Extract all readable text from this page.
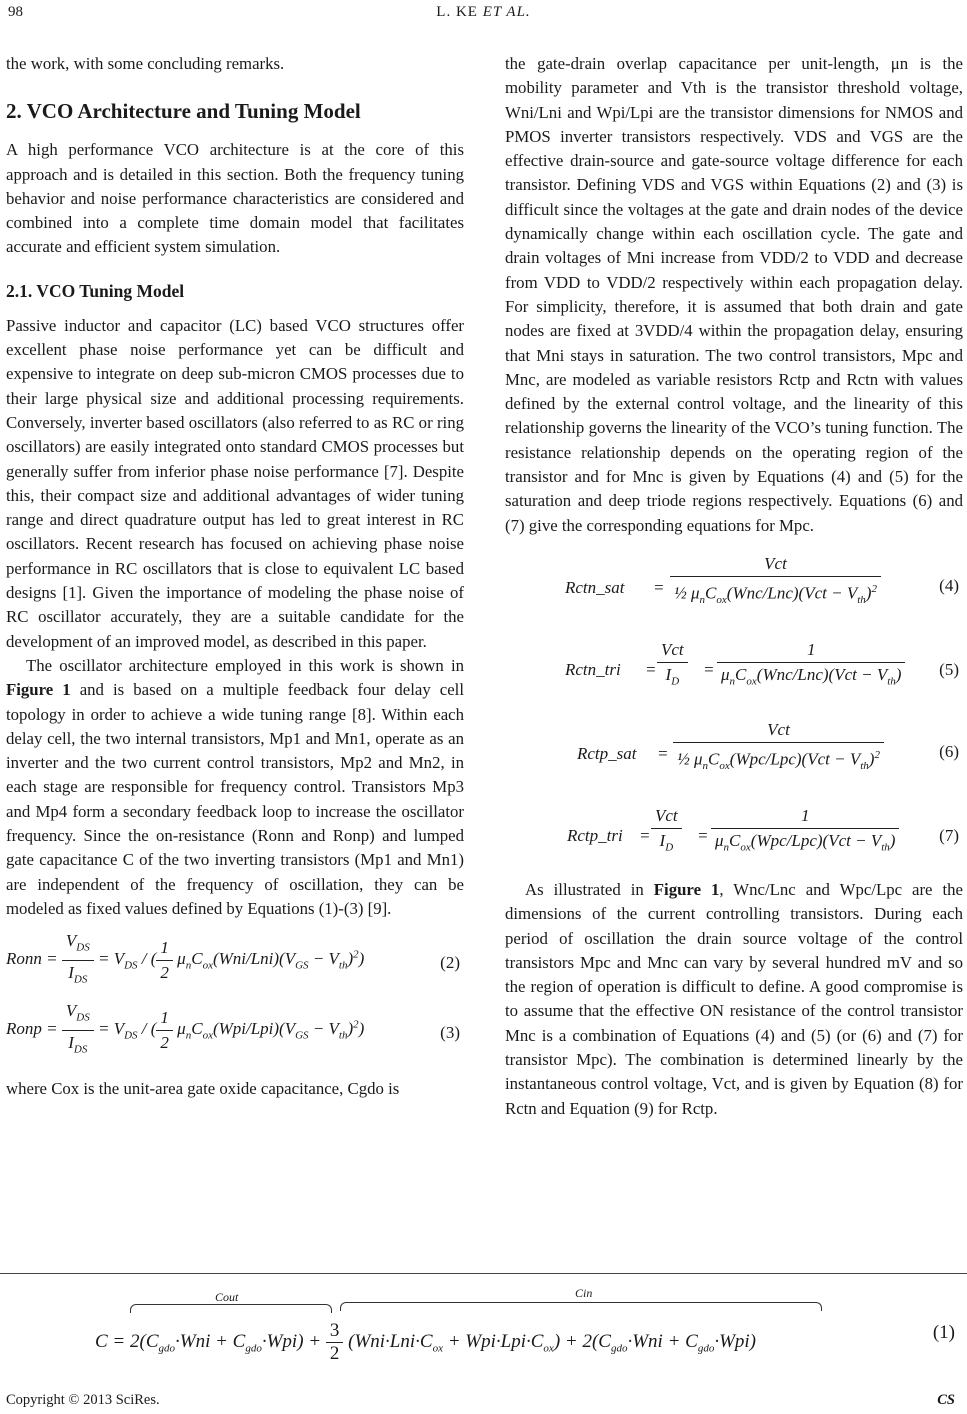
98	L. KE ET AL.

the work, with some concluding remarks.

2. VCO Architecture and Tuning Model

A high performance VCO architecture is at the core of this approach and is detailed in this section. Both the frequency tuning behavior and noise performance characteristics are considered and combined into a complete time domain model that facilitates accurate and efficient system simulation.

2.1. VCO Tuning Model

Passive inductor and capacitor (LC) based VCO structures offer excellent phase noise performance yet can be difficult and expensive to integrate on deep sub-micron CMOS processes due to their large physical size and additional processing requirements. Conversely, inverter based oscillators (also referred to as RC or ring oscillators) are easily integrated onto standard CMOS processes but generally suffer from inferior phase noise performance [7]. Despite this, their compact size and additional advantages of wider tuning range and direct quadrature output has led to great interest in RC oscillators. Recent research has focused on achieving phase noise performance in RC oscillators that is close to equivalent LC based designs [1]. Given the importance of modeling the phase noise of RC oscillator accurately, they are a suitable candidate for the development of an improved model, as described in this paper.

The oscillator architecture employed in this work is shown in Figure 1 and is based on a multiple feedback four delay cell topology in order to achieve a wide tuning range [8]. Within each delay cell, the two internal transistors, Mp1 and Mn1, operate as an inverter and the two current control transistors, Mp2 and Mn2, in each stage are responsible for frequency control. Transistors Mp3 and Mp4 form a secondary feedback loop to increase the oscillator frequency. Since the on-resistance (Ronn and Ronp) and lumped gate capacitance C of the two inverting transistors (Mp1 and Mn1) are independent of the frequency of oscillation, they can be modeled as fixed values defined by Equations (1)-(3) [9].

Ronn = $\frac{V_{DS}}{I_{DS}} = V_{DS}$ / ( $\frac{1}{2} \mu_nC_{ox}(Wni/Lni)(V_{GS} - V_{th})^2$)	(2)
Ronp = $\frac{V_{DS}}{I_{DS}} = V_{DS}$ / ( $\frac{1}{2} \mu_nC_{ox}(Wpi/Lpi)(V_{GS} - V_{th})^2$)	(3)

where Cox is the unit-area gate oxide capacitance, Cgdo is

the gate-drain overlap capacitance per unit-length, μn is the mobility parameter and Vth is the transistor threshold voltage, Wni/Lni and Wpi/Lpi are the transistor dimensions for NMOS and PMOS inverter transistors respectively. VDS and VGS are the effective drain-source and gate-source voltage difference for each transistor. Defining VDS and VGS within Equations (2) and (3) is difficult since the voltages at the gate and drain nodes of the device dynamically change within each oscillation cycle. The gate and drain voltages of Mni increase from VDD/2 to VDD and decrease from VDD to VDD/2 respectively within each propagation delay. For simplicity, therefore, it is assumed that both drain and gate nodes are fixed at 3VDD/4 within the propagation delay, ensuring that Mni stays in saturation. The two control transistors, Mpc and Mnc, are modeled as variable resistors Rctp and Rctn with values defined by the external control voltage, and the linearity of this relationship governs the linearity of the VCO’s tuning function. The resistance relationship depends on the operating region of the transistor and for Mnc is given by Equations (4) and (5) for the saturation and deep triode regions respectively. Equations (6) and (7) give the corresponding equations for Mpc.

Rctn_sat =
Vct
½ $\mu_nC_{ox}(Wnc/Lnc)(Vct - V_{th})^2$	(4)
Rctn_tri =
Vct
$I_D$
=
1
$\mu_nC_{ox}(Wnc/Lnc)(Vct - V_{th})$ (5)
Rctp_sat =
Vct
½ $\mu_nC_{ox}(Wpc/Lpc)(Vct - V_{th})^2$	(6)
Rctp_tri =
Vct
$I_D$
=
1
$\mu_nC_{ox}(Wpc/Lpc)(Vct - V_{th})$	(7)

As illustrated in Figure 1, Wnc/Lnc and Wpc/Lpc are the dimensions of the current controlling transistors. During each period of oscillation the drain source voltage of the control transistors Mpc and Mnc can vary by several hundred mV and so the region of operation is difficult to define. A good compromise is to assume that the effective ON resistance of the control transistor Mnc is a combination of Equations (4) and (5) (or (6) and (7) for transistor Mpc). The combination is determined linearly by the instantaneous control voltage, Vct, and is given by Equation (8) for Rctn and Equation (9) for Rctp.

Cout	Cin
$C = 2(C_{gdo}\cdot Wni + C_{gdo}\cdot Wpi) + \frac{3}{2} (Wni\cdot Lni\cdot C_{ox} + Wpi\cdot Lpi\cdot C_{ox}) + 2(C_{gdo}\cdot Wni + C_{gdo}\cdot Wpi)$	(1)
Copyright © 2013 SciRes.	CS
